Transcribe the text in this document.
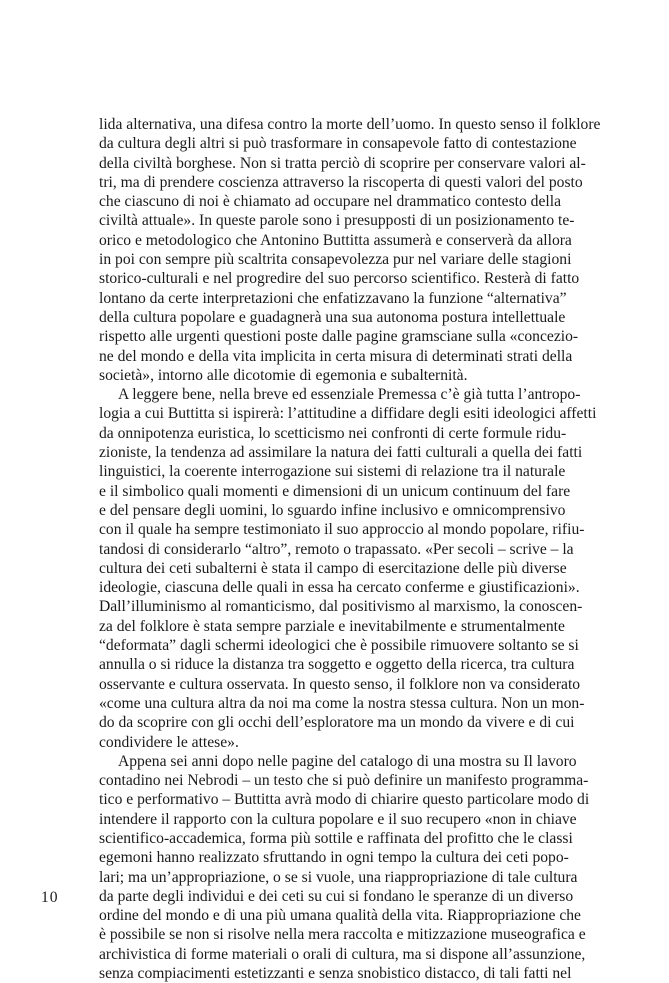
lida alternativa, una difesa contro la morte dell’uomo. In questo senso il folklore
da cultura degli altri si può trasformare in consapevole fatto di contestazione
della civiltà borghese. Non si tratta perciò di scoprire per conservare valori al-
tri, ma di prendere coscienza attraverso la riscoperta di questi valori del posto
che ciascuno di noi è chiamato ad occupare nel drammatico contesto della
civiltà attuale». In queste parole sono i presupposti di un posizionamento te-
orico e metodologico che Antonino Buttitta assumerà e conserverà da allora
in poi con sempre più scaltrita consapevolezza pur nel variare delle stagioni
storico-culturali e nel progredire del suo percorso scientifico. Resterà di fatto
lontano da certe interpretazioni che enfatizzavano la funzione “alternativa”
della cultura popolare e guadagnerà una sua autonoma postura intellettuale
rispetto alle urgenti questioni poste dalle pagine gramsciane sulla «concezio-
ne del mondo e della vita implicita in certa misura di determinati strati della
società», intorno alle dicotomie di egemonia e subalternità.
A leggere bene, nella breve ed essenziale Premessa c’è già tutta l’antropo-
logia a cui Buttitta si ispirerà: l’attitudine a diffidare degli esiti ideologici affetti
da onnipotenza euristica, lo scetticismo nei confronti di certe formule ridu-
zioniste, la tendenza ad assimilare la natura dei fatti culturali a quella dei fatti
linguistici, la coerente interrogazione sui sistemi di relazione tra il naturale
e il simbolico quali momenti e dimensioni di un unicum continuum del fare
e del pensare degli uomini, lo sguardo infine inclusivo e omnicomprensivo
con il quale ha sempre testimoniato il suo approccio al mondo popolare, rifiu-
tandosi di considerarlo “altro”, remoto o trapassato. «Per secoli – scrive – la
cultura dei ceti subalterni è stata il campo di esercitazione delle più diverse
ideologie, ciascuna delle quali in essa ha cercato conferme e giustificazioni».
Dall’illuminismo al romanticismo, dal positivismo al marxismo, la conoscen-
za del folklore è stata sempre parziale e inevitabilmente e strumentalmente
“deformata” dagli schermi ideologici che è possibile rimuovere soltanto se si
annulla o si riduce la distanza tra soggetto e oggetto della ricerca, tra cultura
osservante e cultura osservata. In questo senso, il folklore non va considerato
«come una cultura altra da noi ma come la nostra stessa cultura. Non un mon-
do da scoprire con gli occhi dell’esploratore ma un mondo da vivere e di cui
condividere le attese».
Appena sei anni dopo nelle pagine del catalogo di una mostra su Il lavoro
contadino nei Nebrodi – un testo che si può definire un manifesto programma-
tico e performativo – Buttitta avrà modo di chiarire questo particolare modo di
intendere il rapporto con la cultura popolare e il suo recupero «non in chiave
scientifico-accademica, forma più sottile e raffinata del profitto che le classi
egemoni hanno realizzato sfruttando in ogni tempo la cultura dei ceti popo-
lari; ma un’appropriazione, o se si vuole, una riappropriazione di tale cultura
da parte degli individui e dei ceti su cui si fondano le speranze di un diverso
ordine del mondo e di una più umana qualità della vita. Riappropriazione che
è possibile se non si risolve nella mera raccolta e mitizzazione museografica e
archivistica di forme materiali o orali di cultura, ma si dispone all’assunzione,
senza compiacimenti estetizzanti e senza snobistico distacco, di tali fatti nel
10
